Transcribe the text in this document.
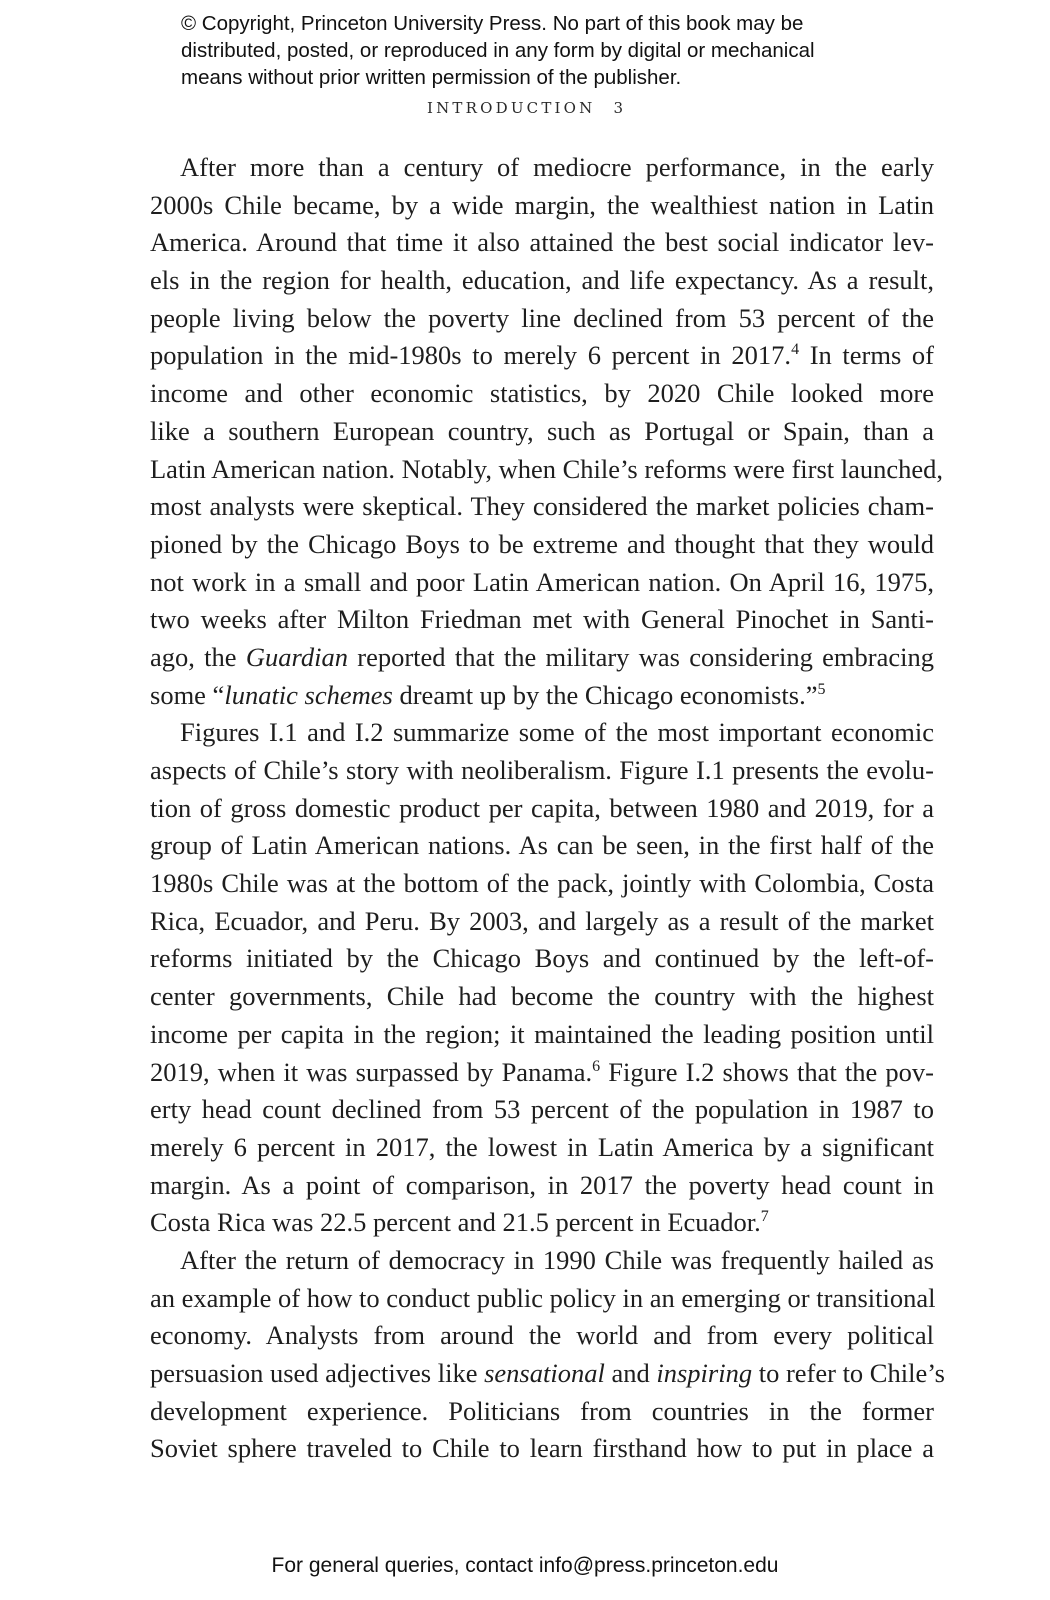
© Copyright, Princeton University Press. No part of this book may be
distributed, posted, or reproduced in any form by digital or mechanical
means without prior written permission of the publisher.
INTRODUCTION 3
After more than a century of mediocre performance, in the early
2000s Chile became, by a wide margin, the wealthiest nation in Latin
America. Around that time it also attained the best social indicator lev-
els in the region for health, education, and life expectancy. As a result,
people living below the poverty line declined from 53 percent of the
population in the mid-1980s to merely 6 percent in 2017.$^4$ In terms of
income and other economic statistics, by 2020 Chile looked more
like a southern European country, such as Portugal or Spain, than a
Latin American nation. Notably, when Chile’s reforms were first launched,
most analysts were skeptical. They considered the market policies cham-
pioned by the Chicago Boys to be extreme and thought that they would
not work in a small and poor Latin American nation. On April 16, 1975,
two weeks after Milton Friedman met with General Pinochet in Santi-
ago, the Guardian reported that the military was considering embracing
some “lunatic schemes dreamt up by the Chicago economists.”$^5$
Figures I.1 and I.2 summarize some of the most important economic
aspects of Chile’s story with neoliberalism. Figure I.1 presents the evolu-
tion of gross domestic product per capita, between 1980 and 2019, for a
group of Latin American nations. As can be seen, in the first half of the
1980s Chile was at the bottom of the pack, jointly with Colombia, Costa
Rica, Ecuador, and Peru. By 2003, and largely as a result of the market
reforms initiated by the Chicago Boys and continued by the left-of-
center governments, Chile had become the country with the highest
income per capita in the region; it maintained the leading position until
2019, when it was surpassed by Panama.$^6$ Figure I.2 shows that the pov-
erty head count declined from 53 percent of the population in 1987 to
merely 6 percent in 2017, the lowest in Latin America by a significant
margin. As a point of comparison, in 2017 the poverty head count in
Costa Rica was 22.5 percent and 21.5 percent in Ecuador.$^7$
After the return of democracy in 1990 Chile was frequently hailed as
an example of how to conduct public policy in an emerging or transitional
economy. Analysts from around the world and from every political
persuasion used adjectives like sensational and inspiring to refer to Chile’s
development experience. Politicians from countries in the former
Soviet sphere traveled to Chile to learn firsthand how to put in place a
For general queries, contact info@press.princeton.edu
